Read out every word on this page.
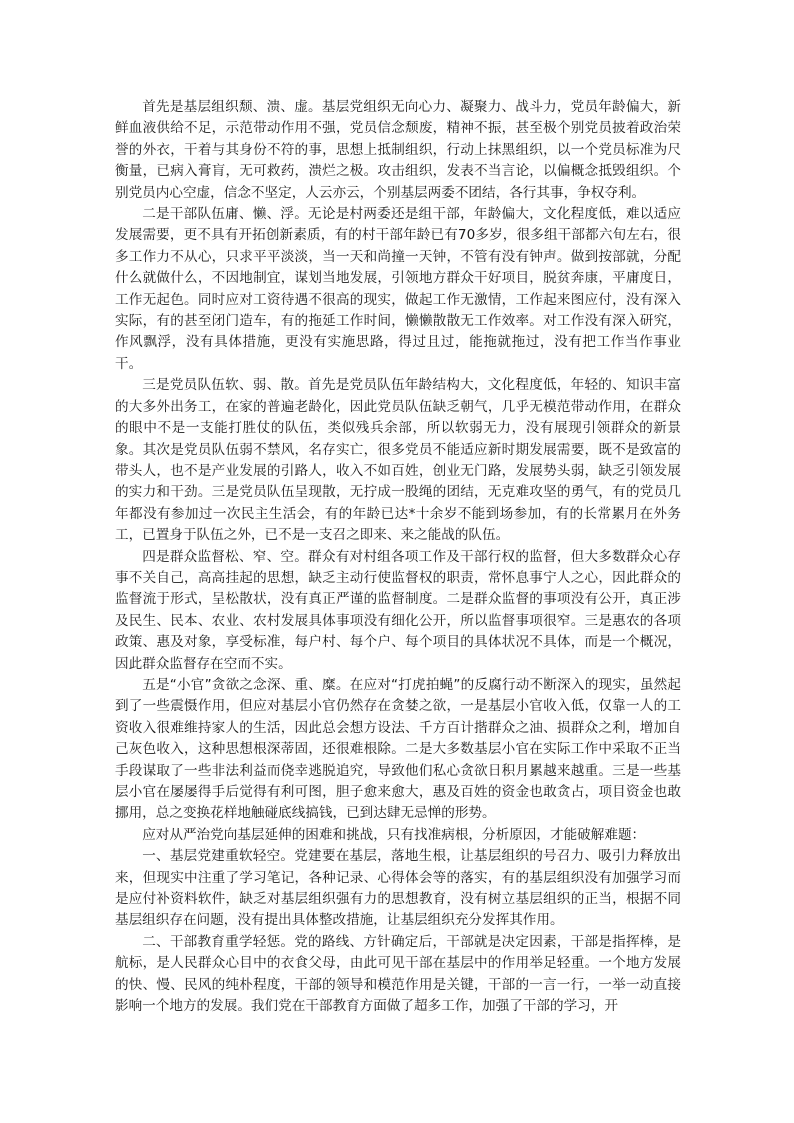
首先是基层组织颓、溃、虚。基层党组织无向心力、凝聚力、战斗力，党员年龄偏大，新鲜血液供给不足，示范带动作用不强，党员信念颓废，精神不振，甚至极个别党员披着政治荣誉的外衣，干着与其身份不符的事，思想上抵制组织，行动上抹黑组织，以一个党员标准为尺衡量，已病入膏肓，无可救药，溃烂之极。攻击组织，发表不当言论，以偏概念抵毁组织。个别党员内心空虚，信念不坚定，人云亦云，个别基层两委不团结，各行其事，争权夺利。

二是干部队伍庸、懒、浮。无论是村两委还是组干部，年龄偏大，文化程度低，难以适应发展需要，更不具有开拓创新素质，有的村干部年龄已有70多岁，很多组干部都六旬左右，很多工作力不从心，只求平平淡淡，当一天和尚撞一天钟，不管有没有钟声。做到按部就，分配什么就做什么，不因地制宜，谋划当地发展，引领地方群众干好项目，脱贫奔康，平庸度日，工作无起色。同时应对工资待遇不很高的现实，做起工作无激情，工作起来图应付，没有深入实际，有的甚至闭门造车，有的拖延工作时间，懒懒散散无工作效率。对工作没有深入研究，作风飘浮，没有具体措施，更没有实施思路，得过且过，能拖就拖过，没有把工作当作事业干。

三是党员队伍软、弱、散。首先是党员队伍年龄结构大，文化程度低，年轻的、知识丰富的大多外出务工，在家的普遍老龄化，因此党员队伍缺乏朝气，几乎无模范带动作用，在群众的眼中不是一支能打胜仗的队伍，类似残兵余部，所以软弱无力，没有展现引领群众的新景象。其次是党员队伍弱不禁风，名存实亡，很多党员不能适应新时期发展需要，既不是致富的带头人，也不是产业发展的引路人，收入不如百姓，创业无门路，发展势头弱，缺乏引领发展的实力和干劲。三是党员队伍呈现散，无拧成一股绳的团结，无克难攻坚的勇气，有的党员几年都没有参加过一次民主生活会，有的年龄已达*十余岁不能到场参加，有的长常累月在外务工，已置身于队伍之外，已不是一支召之即来、来之能战的队伍。

四是群众监督松、窄、空。群众有对村组各项工作及干部行权的监督，但大多数群众心存事不关自己，高高挂起的思想，缺乏主动行使监督权的职责，常怀息事宁人之心，因此群众的监督流于形式，呈松散状，没有真正严谨的监督制度。二是群众监督的事项没有公开，真正涉及民生、民本、农业、农村发展具体事项没有细化公开，所以监督事项很窄。三是惠农的各项政策、惠及对象，享受标准，每户村、每个户、每个项目的具体状况不具体，而是一个概况，因此群众监督存在空而不实。

五是“小官”贪欲之念深、重、糜。在应对“打虎拍蝇”的反腐行动不断深入的现实，虽然起到了一些震慑作用，但应对基层小官仍然存在贪婪之欲，一是基层小官收入低，仅靠一人的工资收入很难维持家人的生活，因此总会想方设法、千方百计揩群众之油、损群众之利，增加自己灰色收入，这种思想根深蒂固，还很难根除。二是大多数基层小官在实际工作中采取不正当手段谋取了一些非法利益而侥幸逃脱追究，导致他们私心贪欲日积月累越来越重。三是一些基层小官在屡屡得手后觉得有利可图，胆子愈来愈大，惠及百姓的资金也敢贪占，项目资金也敢挪用，总之变换花样地触碰底线搞钱，已到达肆无忌惮的形势。

应对从严治党向基层延伸的困难和挑战，只有找准病根，分析原因，才能破解难题：

一、基层党建重软轻空。党建要在基层，落地生根，让基层组织的号召力、吸引力释放出来，但现实中注重了学习笔记，各种记录、心得体会等的落实，有的基层组织没有加强学习而是应付补资料软件，缺乏对基层组织强有力的思想教育，没有树立基层组织的正当，根据不同基层组织存在问题，没有提出具体整改措施，让基层组织充分发挥其作用。

二、干部教育重学轻惩。党的路线、方针确定后，干部就是决定因素，干部是指挥棒，是航标，是人民群众心目中的衣食父母，由此可见干部在基层中的作用举足轻重。一个地方发展的快、慢、民风的纯朴程度，干部的领导和模范作用是关键，干部的一言一行，一举一动直接影响一个地方的发展。我们党在干部教育方面做了超多工作，加强了干部的学习，开
